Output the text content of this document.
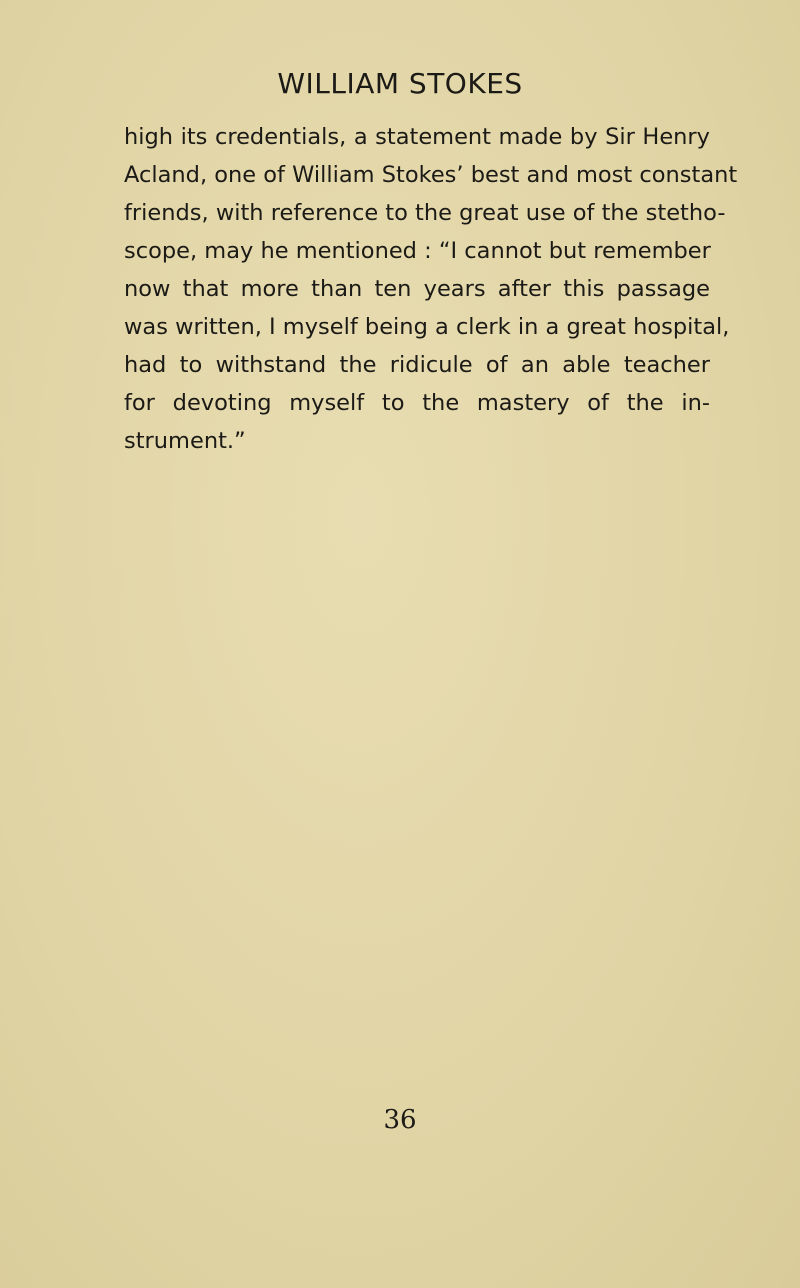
WILLIAM STOKES
high its credentials, a statement made by Sir Henry
Acland, one of William Stokes’ best and most constant
friends, with reference to the great use of the stetho-
scope, may he mentioned : “I cannot but remember
now that more than ten years after this passage
was written, I myself being a clerk in a great hospital,
had to withstand the ridicule of an able teacher
for devoting myself to the mastery of the in-
strument.”
36
